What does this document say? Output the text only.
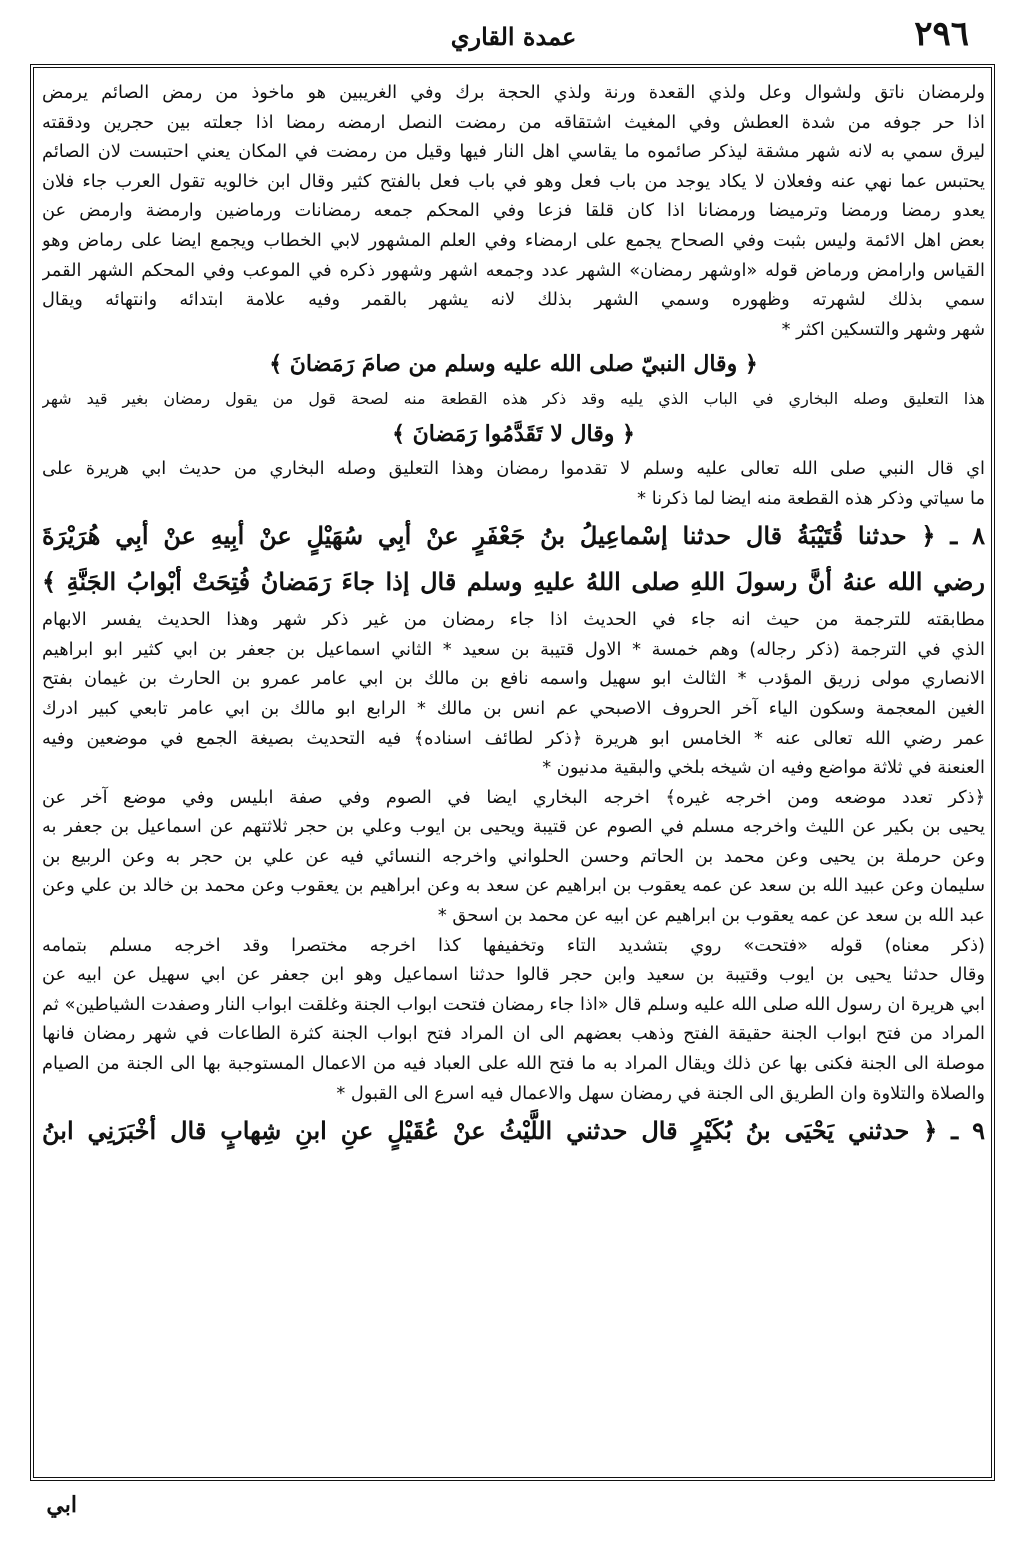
٢٩٦
عمدة القاري
ولرمضان ناتق ولشوال وعل ولذي القعدة ورنة ولذي الحجة برك وفي الغريبين هو ماخوذ من رمض الصائم يرمض
اذا حر جوفه من شدة العطش وفي المغيث اشتقاقه من رمضت النصل ارمضه رمضا اذا جعلته بين حجرين ودققته
ليرق سمي به لانه شهر مشقة ليذكر صائموه ما يقاسي اهل النار فيها وقيل من رمضت في المكان يعني احتبست لان الصائم
يحتبس عما نهي عنه وفعلان لا يكاد يوجد من باب فعل وهو في باب فعل بالفتح كثير وقال ابن خالويه تقول العرب جاء فلان
يعدو رمضا ورمضا وترميضا ورمضانا اذا كان قلقا فزعا وفي المحكم جمعه رمضانات ورماضين وارمضة وارمض عن
بعض اهل الائمة وليس بثبت وفي الصحاح يجمع على ارمضاء وفي العلم المشهور لابي الخطاب ويجمع ايضا على رماض وهو
القياس وارامض ورماض قوله «اوشهر رمضان» الشهر عدد وجمعه اشهر وشهور ذكره في الموعب وفي المحكم الشهر القمر
سمي بذلك لشهرته وظهوره وسمي الشهر بذلك لانه يشهر بالقمر وفيه علامة ابتدائه وانتهائه ويقال
شهر وشهر والتسكين اكثر *
﴿ وقال النبيّ صلى الله عليه وسلم من صامَ رَمَضانَ ﴾
هذا التعليق وصله البخاري في الباب الذي يليه وقد ذكر هذه القطعة منه لصحة قول من يقول رمضان بغير قيد شهر
﴿ وقال لا تَقَدَّمُوا رَمَضانَ ﴾
اي قال النبي صلى الله تعالى عليه وسلم لا تقدموا رمضان وهذا التعليق وصله البخاري من حديث ابي هريرة على
ما سياتي وذكر هذه القطعة منه ايضا لما ذكرنا *
٨ ـ ﴿ حدثنا قُتَيْبَةُ قال حدثنا إسْماعِيلُ بنُ جَعْفَرٍ عنْ أبِي سُهَيْلٍ عنْ أبِيهِ عنْ أبِي هُرَيْرَةَ
رضي الله عنهُ أنَّ رسولَ اللهِ صلى اللهُ عليهِ وسلم قال إذا جاءَ رَمَضانُ فُتِحَتْ أبْوابُ الجَنَّةِ ﴾
مطابقته للترجمة من حيث انه جاء في الحديث اذا جاء رمضان من غير ذكر شهر وهذا الحديث يفسر الابهام
الذي في الترجمة (ذكر رجاله) وهم خمسة * الاول قتيبة بن سعيد * الثاني اسماعيل بن جعفر بن ابي كثير ابو ابراهيم
الانصاري مولى زريق المؤدب * الثالث ابو سهيل واسمه نافع بن مالك بن ابي عامر عمرو بن الحارث بن غيمان بفتح
الغين المعجمة وسكون الياء آخر الحروف الاصبحي عم انس بن مالك * الرابع ابو مالك بن ابي عامر تابعي كبير ادرك
عمر رضي الله تعالى عنه * الخامس ابو هريرة ﴿ذكر لطائف اسناده﴾ فيه التحديث بصيغة الجمع في موضعين وفيه
العنعنة في ثلاثة مواضع وفيه ان شيخه بلخي والبقية مدنيون *
﴿ذكر تعدد موضعه ومن اخرجه غيره﴾ اخرجه البخاري ايضا في الصوم وفي صفة ابليس وفي موضع آخر عن
يحيى بن بكير عن الليث واخرجه مسلم في الصوم عن قتيبة ويحيى بن ايوب وعلي بن حجر ثلاثتهم عن اسماعيل بن جعفر به
وعن حرملة بن يحيى وعن محمد بن الحاتم وحسن الحلواني واخرجه النسائي فيه عن علي بن حجر به وعن الربيع بن
سليمان وعن عبيد الله بن سعد عن عمه يعقوب بن ابراهيم عن سعد به وعن ابراهيم بن يعقوب وعن محمد بن خالد بن علي وعن
عبد الله بن سعد عن عمه يعقوب بن ابراهيم عن ابيه عن محمد بن اسحق *
(ذكر معناه) قوله «فتحت» روي بتشديد التاء وتخفيفها كذا اخرجه مختصرا وقد اخرجه مسلم بتمامه
وقال حدثنا يحيى بن ايوب وقتيبة بن سعيد وابن حجر قالوا حدثنا اسماعيل وهو ابن جعفر عن ابي سهيل عن ابيه عن
ابي هريرة ان رسول الله صلى الله عليه وسلم قال «اذا جاء رمضان فتحت ابواب الجنة وغلقت ابواب النار وصفدت الشياطين» ثم
المراد من فتح ابواب الجنة حقيقة الفتح وذهب بعضهم الى ان المراد فتح ابواب الجنة كثرة الطاعات في شهر رمضان فانها
موصلة الى الجنة فكنى بها عن ذلك ويقال المراد به ما فتح الله على العباد فيه من الاعمال المستوجبة بها الى الجنة من الصيام
والصلاة والتلاوة وان الطريق الى الجنة في رمضان سهل والاعمال فيه اسرع الى القبول *
٩ ـ ﴿ حدثني يَحْيَى بنُ بُكَيْرٍ قال حدثني اللَّيْثُ عنْ عُقَيْلٍ عنِ ابنِ شِهابٍ قال أخْبَرَنِي ابنُ
ابي
